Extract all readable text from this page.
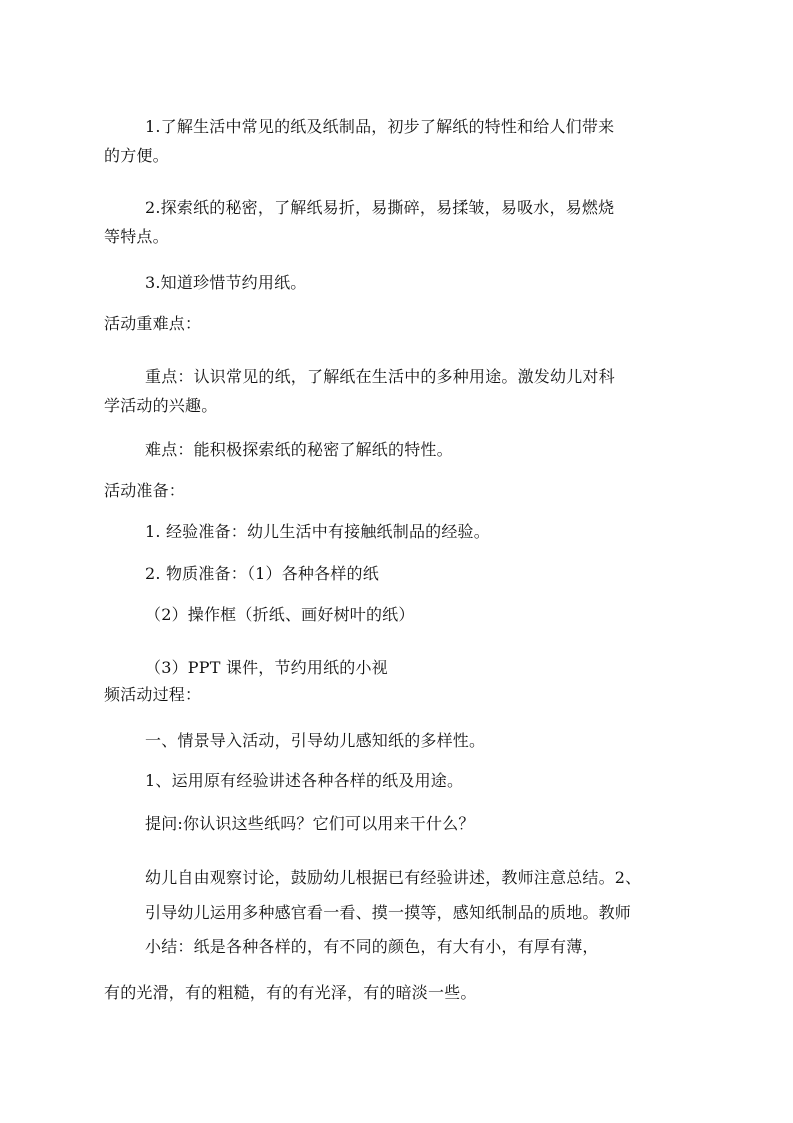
1.了解生活中常见的纸及纸制品，初步了解纸的特性和给人们带来
的方便。
2.探索纸的秘密，了解纸易折，易撕碎，易揉皱，易吸水，易燃烧
等特点。
3.知道珍惜节约用纸。
活动重难点：
重点：认识常见的纸，了解纸在生活中的多种用途。激发幼儿对科
学活动的兴趣。
难点：能积极探索纸的秘密了解纸的特性。
活动准备：
1. 经验准备：幼儿生活中有接触纸制品的经验。
2. 物质准备：（1）各种各样的纸
（2）操作框（折纸、画好树叶的纸）
（3）PPT 课件，节约用纸的小视
频活动过程：
一、情景导入活动，引导幼儿感知纸的多样性。
1、运用原有经验讲述各种各样的纸及用途。
提问:你认识这些纸吗？它们可以用来干什么？
幼儿自由观察讨论，鼓励幼儿根据已有经验讲述，教师注意总结。2、
引导幼儿运用多种感官看一看、摸一摸等，感知纸制品的质地。教师
小结：纸是各种各样的，有不同的颜色，有大有小，有厚有薄，
有的光滑，有的粗糙，有的有光泽，有的暗淡一些。
